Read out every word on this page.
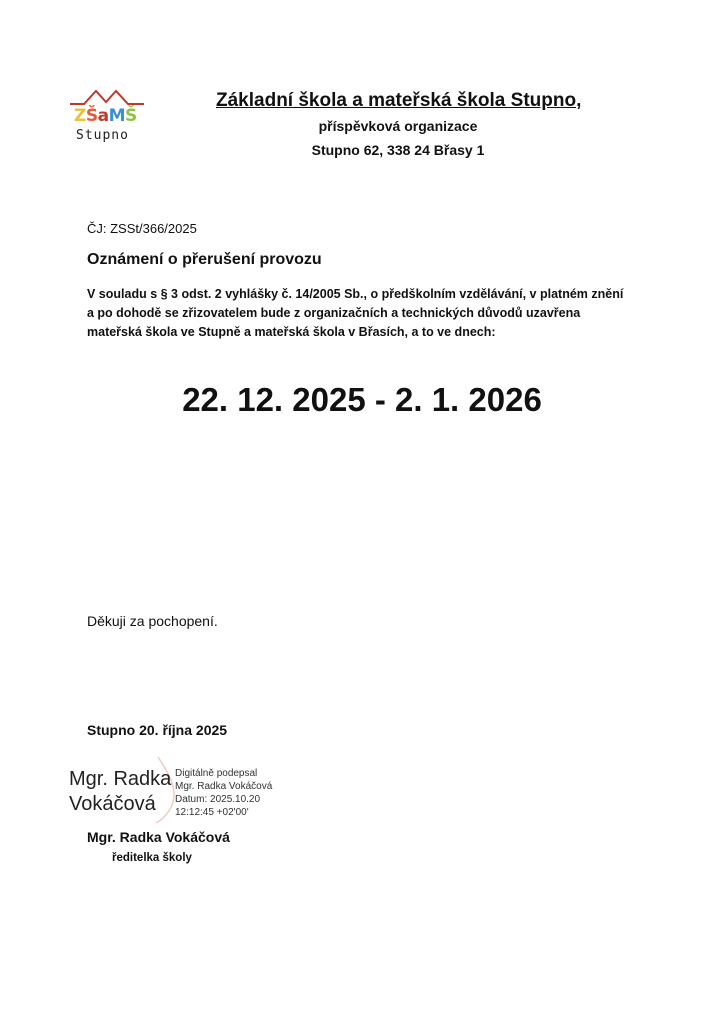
ZŠaMŠ
Stupno
Základní škola a mateřská škola Stupno,
příspěvková organizace
Stupno 62, 338 24 Břasy 1
ČJ: ZSSt/366/2025
Oznámení o přerušení provozu
V souladu s § 3 odst. 2 vyhlášky č. 14/2005 Sb., o předškolním vzdělávání, v platném znění
a po dohodě se zřizovatelem bude z organizačních a technických důvodů uzavřena
mateřská škola ve Stupně a mateřská škola v Břasích, a to ve dnech:
22. 12. 2025 - 2. 1. 2026
Děkuji za pochopení.
Stupno 20. října 2025
Mgr. Radka
Vokáčová
Digitálně podepsal
Mgr. Radka Vokáčová
Datum: 2025.10.20
12:12:45 +02'00'
Mgr. Radka Vokáčová
ředitelka školy
